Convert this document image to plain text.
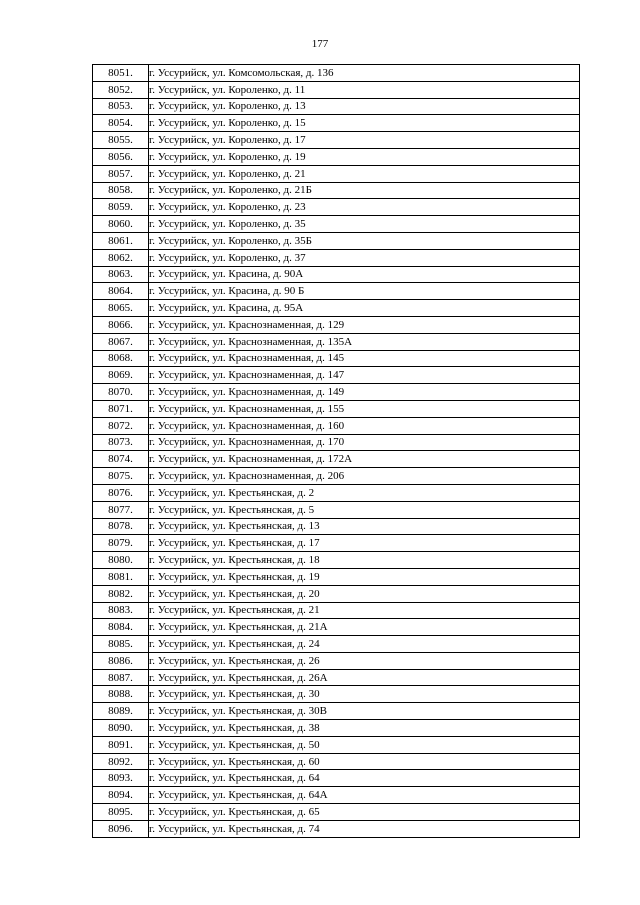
177
8051.	г. Уссурийск, ул. Комсомольская, д. 136
8052.	г. Уссурийск, ул. Короленко, д. 11
8053.	г. Уссурийск, ул. Короленко, д. 13
8054.	г. Уссурийск, ул. Короленко, д. 15
8055.	г. Уссурийск, ул. Короленко, д. 17
8056.	г. Уссурийск, ул. Короленко, д. 19
8057.	г. Уссурийск, ул. Короленко, д. 21
8058.	г. Уссурийск, ул. Короленко, д. 21Б
8059.	г. Уссурийск, ул. Короленко, д. 23
8060.	г. Уссурийск, ул. Короленко, д. 35
8061.	г. Уссурийск, ул. Короленко, д. 35Б
8062.	г. Уссурийск, ул. Короленко, д. 37
8063.	г. Уссурийск, ул. Красина, д. 90А
8064.	г. Уссурийск, ул. Красина, д. 90 Б
8065.	г. Уссурийск, ул. Красина, д. 95А
8066.	г. Уссурийск, ул. Краснознаменная, д. 129
8067.	г. Уссурийск, ул. Краснознаменная, д. 135А
8068.	г. Уссурийск, ул. Краснознаменная, д. 145
8069.	г. Уссурийск, ул. Краснознаменная, д. 147
8070.	г. Уссурийск, ул. Краснознаменная, д. 149
8071.	г. Уссурийск, ул. Краснознаменная, д. 155
8072.	г. Уссурийск, ул. Краснознаменная, д. 160
8073.	г. Уссурийск, ул. Краснознаменная, д. 170
8074.	г. Уссурийск, ул. Краснознаменная, д. 172А
8075.	г. Уссурийск, ул. Краснознаменная, д. 206
8076.	г. Уссурийск, ул. Крестьянская, д. 2
8077.	г. Уссурийск, ул. Крестьянская, д. 5
8078.	г. Уссурийск, ул. Крестьянская, д. 13
8079.	г. Уссурийск, ул. Крестьянская, д. 17
8080.	г. Уссурийск, ул. Крестьянская, д. 18
8081.	г. Уссурийск, ул. Крестьянская, д. 19
8082.	г. Уссурийск, ул. Крестьянская, д. 20
8083.	г. Уссурийск, ул. Крестьянская, д. 21
8084.	г. Уссурийск, ул. Крестьянская, д. 21А
8085.	г. Уссурийск, ул. Крестьянская, д. 24
8086.	г. Уссурийск, ул. Крестьянская, д. 26
8087.	г. Уссурийск, ул. Крестьянская, д. 26А
8088.	г. Уссурийск, ул. Крестьянская, д. 30
8089.	г. Уссурийск, ул. Крестьянская, д. 30В
8090.	г. Уссурийск, ул. Крестьянская, д. 38
8091.	г. Уссурийск, ул. Крестьянская, д. 50
8092.	г. Уссурийск, ул. Крестьянская, д. 60
8093.	г. Уссурийск, ул. Крестьянская, д. 64
8094.	г. Уссурийск, ул. Крестьянская, д. 64А
8095.	г. Уссурийск, ул. Крестьянская, д. 65
8096.	г. Уссурийск, ул. Крестьянская, д. 74
